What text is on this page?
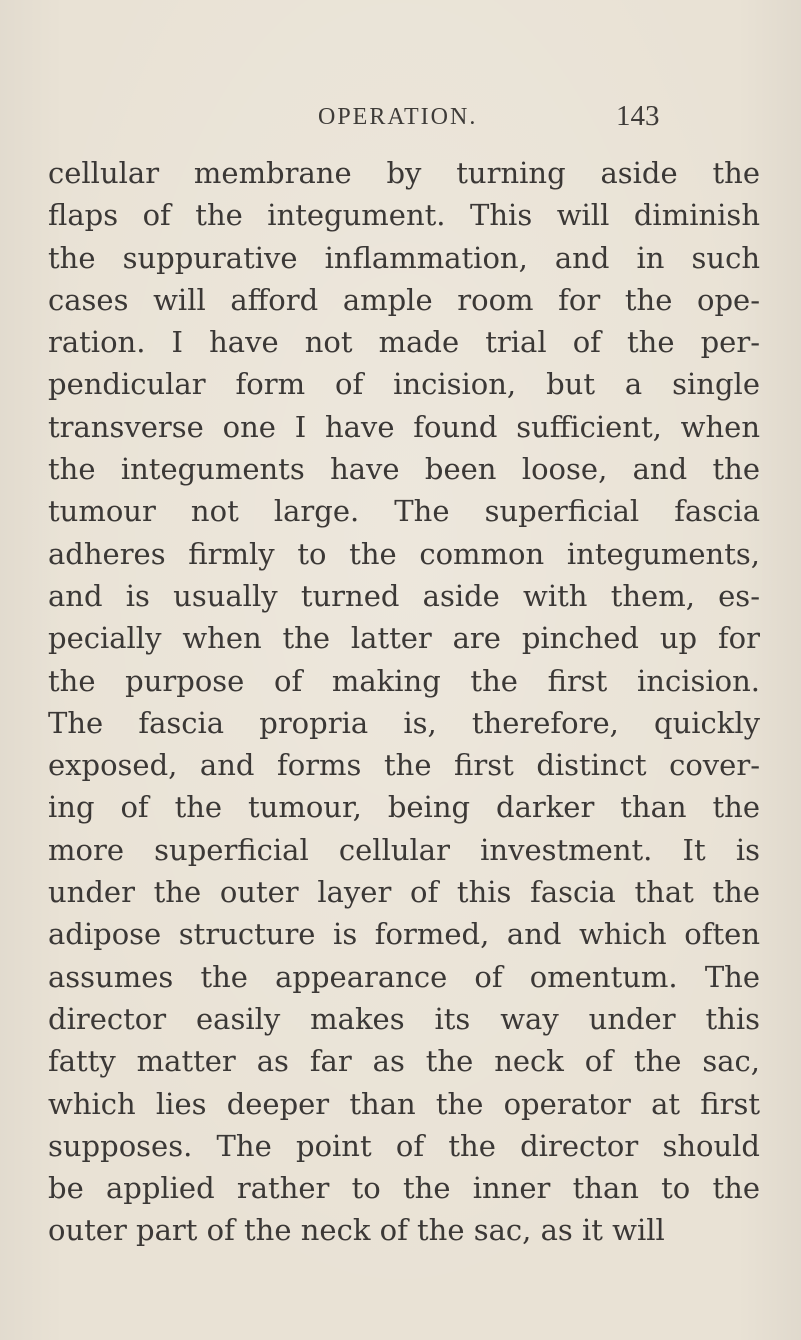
OPERATION.	143
cellular membrane by turning aside the
flaps of the integument. This will diminish
the suppurative inflammation, and in such
cases will afford ample room for the ope-
ration. I have not made trial of the per-
pendicular form of incision, but a single
transverse one I have found sufficient, when
the integuments have been loose, and the
tumour not large. The superficial fascia
adheres firmly to the common integuments,
and is usually turned aside with them, es-
pecially when the latter are pinched up for
the purpose of making the first incision.
The fascia propria is, therefore, quickly
exposed, and forms the first distinct cover-
ing of the tumour, being darker than the
more superficial cellular investment. It is
under the outer layer of this fascia that the
adipose structure is formed, and which often
assumes the appearance of omentum. The
director easily makes its way under this
fatty matter as far as the neck of the sac,
which lies deeper than the operator at first
supposes. The point of the director should
be applied rather to the inner than to the
outer part of the neck of the sac, as it will
